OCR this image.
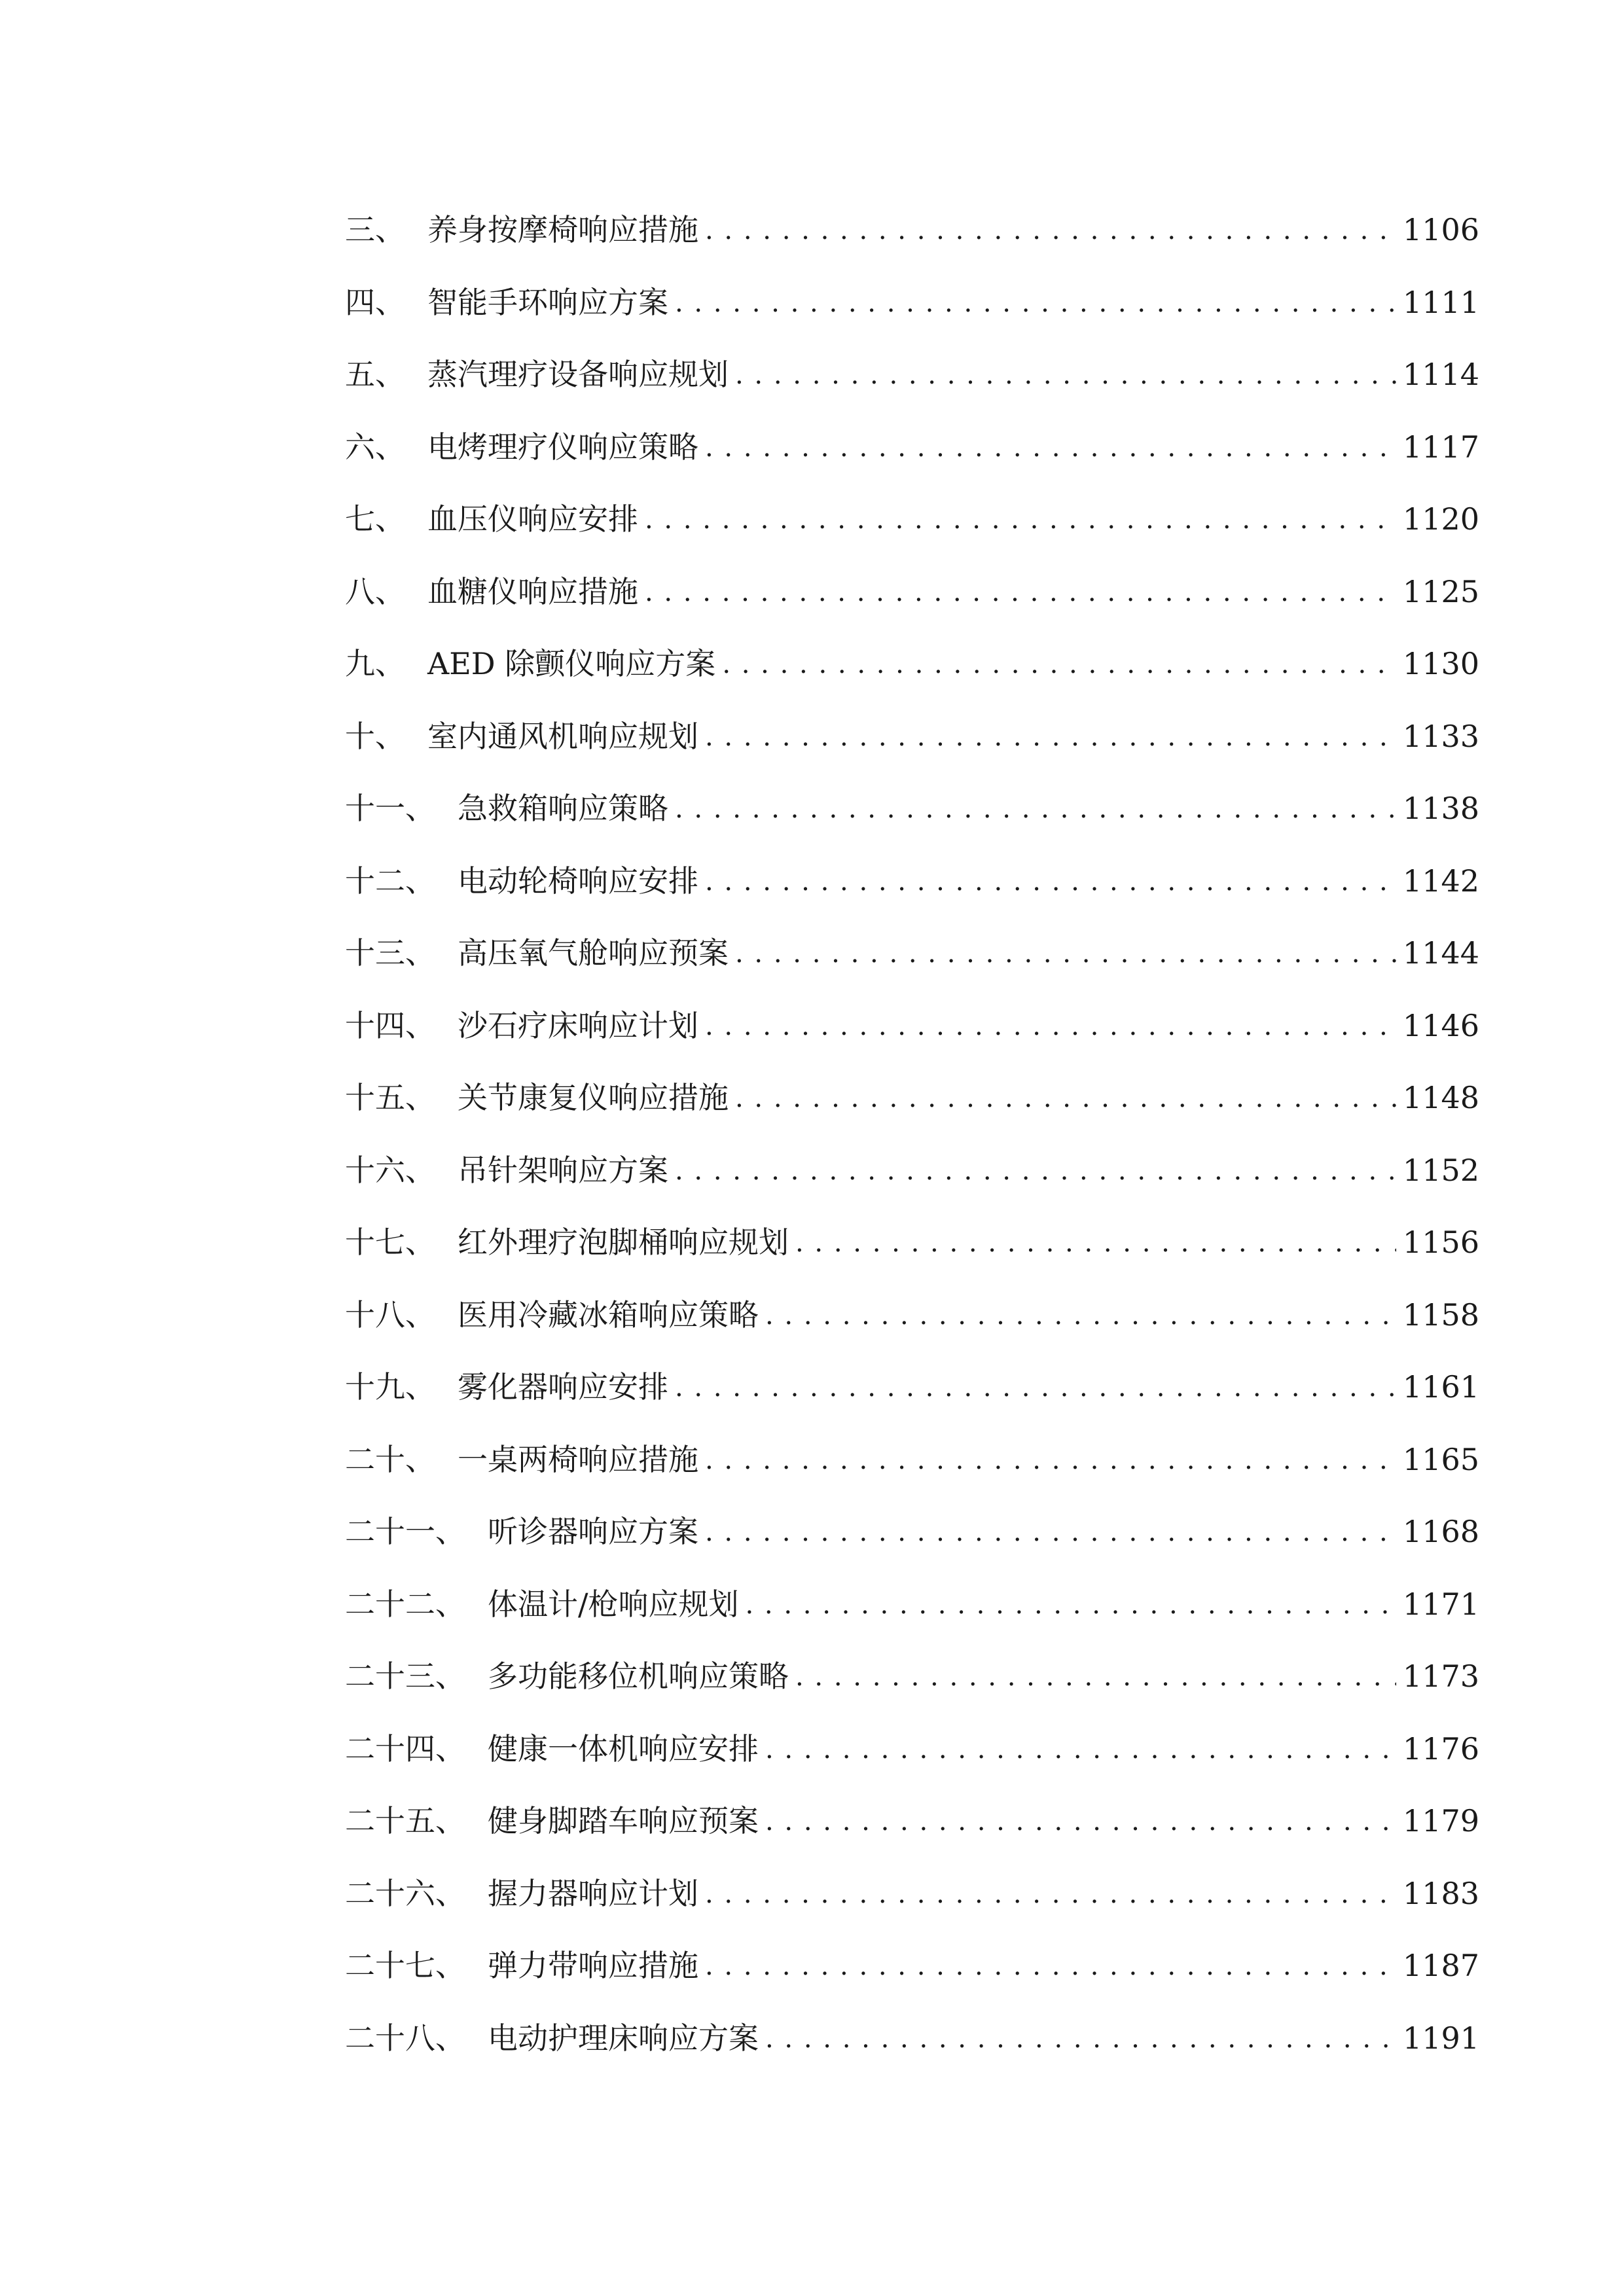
三、 养身按摩椅响应措施 . . .	1106
四、 智能手环响应方案 . . .	1111
五、 蒸汽理疗设备响应规划 . . .	1114
六、 电烤理疗仪响应策略 . . .	1117
七、 血压仪响应安排 . . .	1120
八、 血糖仪响应措施 . . .	1125
九、 AED 除颤仪响应方案 . . .	1130
十、 室内通风机响应规划 . . .	1133
十一、 急救箱响应策略 . . .	1138
十二、 电动轮椅响应安排 . . .	1142
十三、 高压氧气舱响应预案 . . .	1144
十四、 沙石疗床响应计划 . . .	1146
十五、 关节康复仪响应措施 . . .	1148
十六、 吊针架响应方案 . . .	1152
十七、 红外理疗泡脚桶响应规划 . . .	1156
十八、 医用冷藏冰箱响应策略 . . .	1158
十九、 雾化器响应安排 . . .	1161
二十、 一桌两椅响应措施 . . .	1165
二十一、 听诊器响应方案 . . .	1168
二十二、 体温计/枪响应规划 . . .	1171
二十三、 多功能移位机响应策略 . . .	1173
二十四、 健康一体机响应安排 . . .	1176
二十五、 健身脚踏车响应预案 . . .	1179
二十六、 握力器响应计划 . . .	1183
二十七、 弹力带响应措施 . . .	1187
二十八、 电动护理床响应方案 . . .	1191
